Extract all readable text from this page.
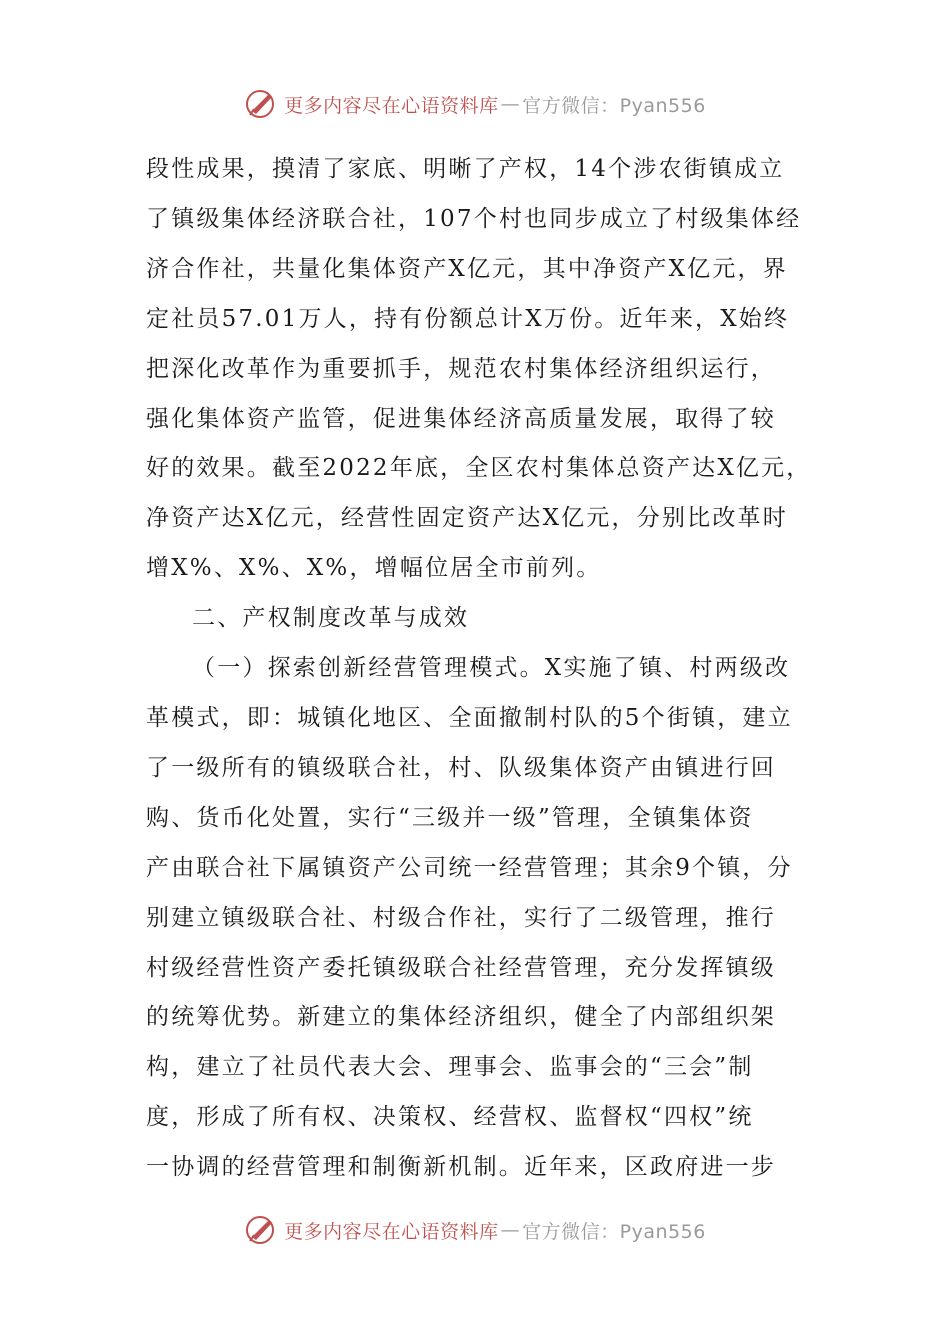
更多内容尽在心语资料库 — 官方微信：Pyan556

段性成果，摸清了家底、明晰了产权，14个涉农街镇成立
了镇级集体经济联合社，107个村也同步成立了村级集体经
济合作社，共量化集体资产X亿元，其中净资产X亿元，界
定社员57.01万人，持有份额总计X万份。近年来，X始终
把深化改革作为重要抓手，规范农村集体经济组织运行，
强化集体资产监管，促进集体经济高质量发展，取得了较
好的效果。截至2022年底，全区农村集体总资产达X亿元，
净资产达X亿元，经营性固定资产达X亿元，分别比改革时
增X%、X%、X%，增幅位居全市前列。

二、产权制度改革与成效

（一）探索创新经营管理模式。X实施了镇、村两级改
革模式，即：城镇化地区、全面撤制村队的5个街镇，建立
了一级所有的镇级联合社，村、队级集体资产由镇进行回
购、货币化处置，实行“三级并一级”管理，全镇集体资
产由联合社下属镇资产公司统一经营管理；其余9个镇，分
别建立镇级联合社、村级合作社，实行了二级管理，推行
村级经营性资产委托镇级联合社经营管理，充分发挥镇级
的统筹优势。新建立的集体经济组织，健全了内部组织架
构，建立了社员代表大会、理事会、监事会的“三会”制
度，形成了所有权、决策权、经营权、监督权“四权”统
一协调的经营管理和制衡新机制。近年来，区政府进一步

更多内容尽在心语资料库 — 官方微信：Pyan556
